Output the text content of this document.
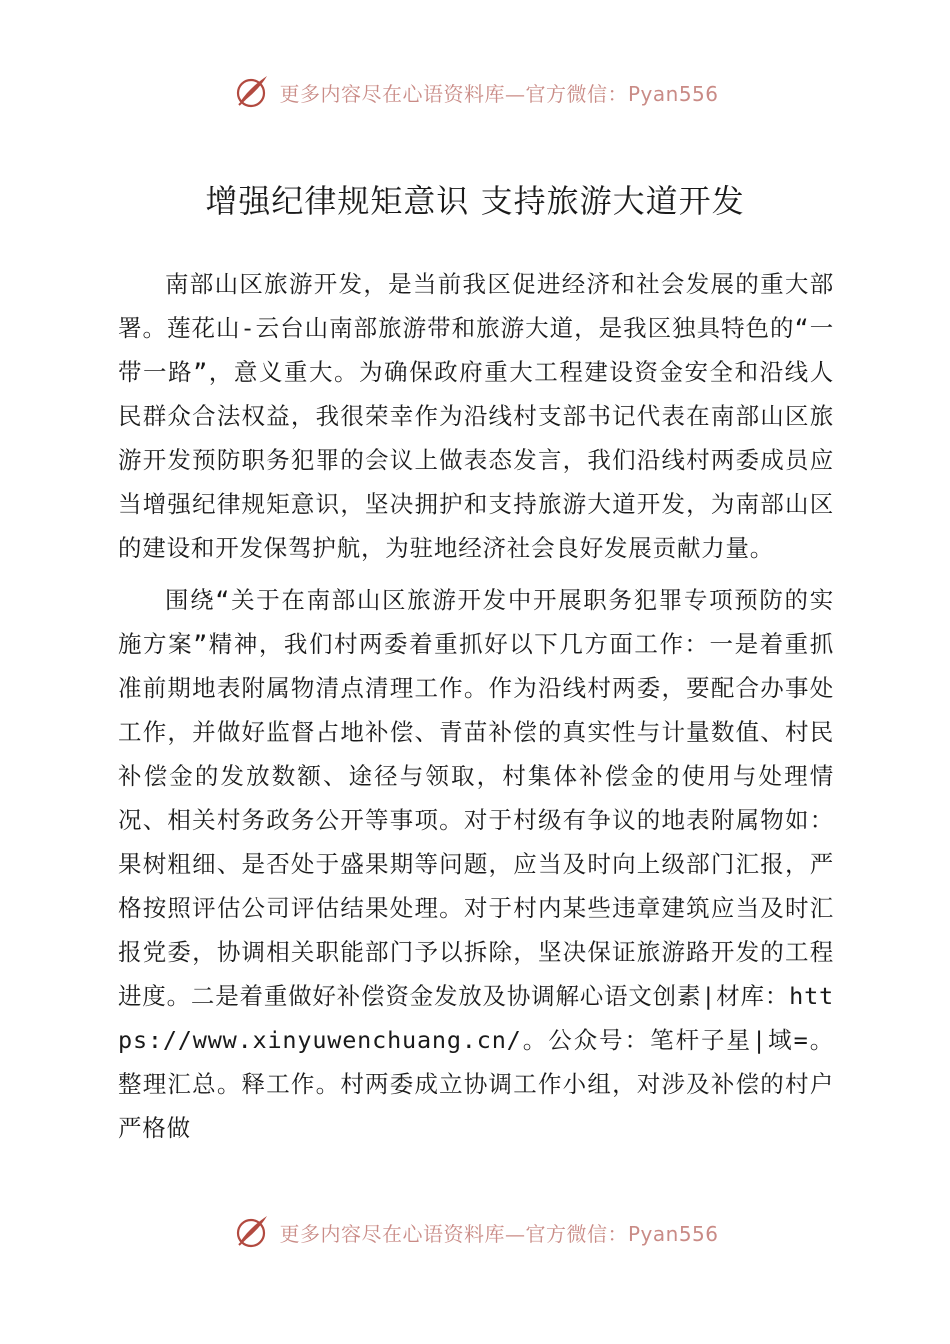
更多内容尽在心语资料库—官方微信：Pyan556
增强纪律规矩意识 支持旅游大道开发

南部山区旅游开发，是当前我区促进经济和社会发展的重大部署。莲花山-云台山南部旅游带和旅游大道，是我区独具特色的“一带一路”，意义重大。为确保政府重大工程建设资金安全和沿线人民群众合法权益，我很荣幸作为沿线村支部书记代表在南部山区旅游开发预防职务犯罪的会议上做表态发言，我们沿线村两委成员应当增强纪律规矩意识，坚决拥护和支持旅游大道开发，为南部山区的建设和开发保驾护航，为驻地经济社会良好发展贡献力量。

围绕“关于在南部山区旅游开发中开展职务犯罪专项预防的实施方案”精神，我们村两委着重抓好以下几方面工作：一是着重抓准前期地表附属物清点清理工作。作为沿线村两委，要配合办事处工作，并做好监督占地补偿、青苗补偿的真实性与计量数值、村民补偿金的发放数额、途径与领取，村集体补偿金的使用与处理情况、相关村务政务公开等事项。对于村级有争议的地表附属物如：果树粗细、是否处于盛果期等问题，应当及时向上级部门汇报，严格按照评估公司评估结果处理。对于村内某些违章建筑应当及时汇报党委，协调相关职能部门予以拆除，坚决保证旅游路开发的工程进度。二是着重做好补偿资金发放及协调解心语文创素|材库：https://www.xinyuwenchuang.cn/。公众号：笔杆子星|域=。整理汇总。释工作。村两委成立协调工作小组，对涉及补偿的村户严格做

更多内容尽在心语资料库—官方微信：Pyan556
